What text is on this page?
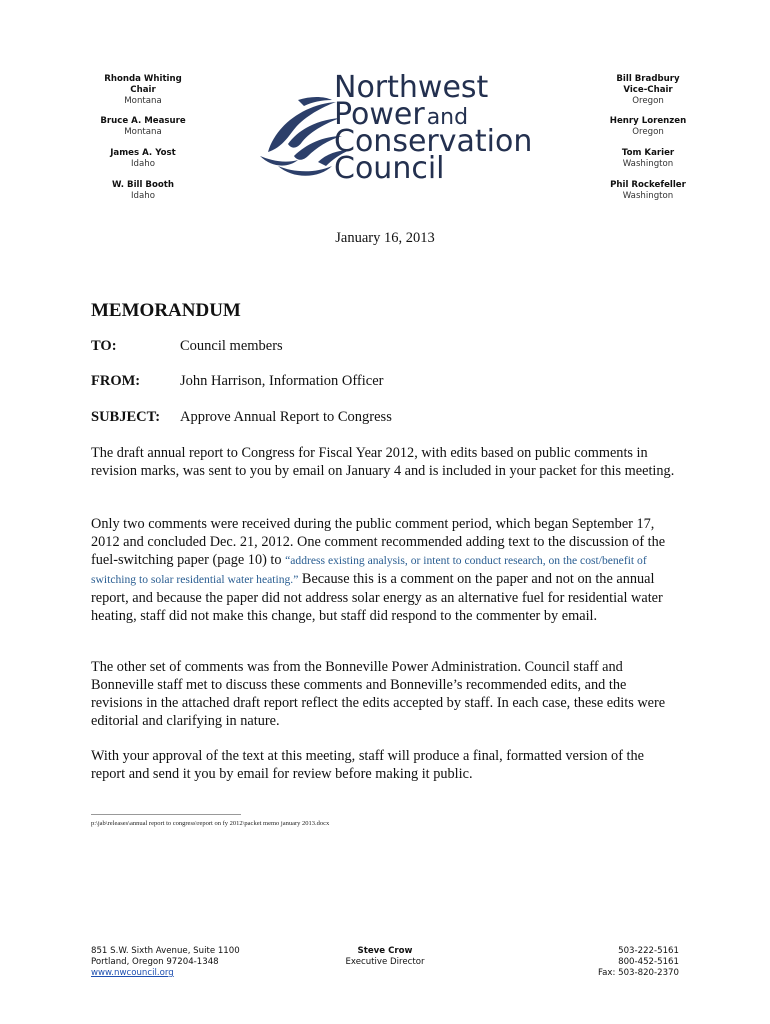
Rhonda Whiting
Chair
Montana
Bruce A. Measure
Montana
James A. Yost
Idaho
W. Bill Booth
Idaho
Bill Bradbury
Vice-Chair
Oregon
Henry Lorenzen
Oregon
Tom Karier
Washington
Phil Rockefeller
Washington
Northwest
Powerand
Conservation
Council
January 16, 2013
MEMORANDUM
TO:	Council members
FROM:	John Harrison, Information Officer
SUBJECT: Approve Annual Report to Congress
The draft annual report to Congress for Fiscal Year 2012, with edits based on public comments in revision marks, was sent to you by email on January 4 and is included in your packet for this meeting.
Only two comments were received during the public comment period, which began September 17, 2012 and concluded Dec. 21, 2012. One comment recommended adding text to the discussion of the fuel-switching paper (page 10) to “address existing analysis, or intent to conduct research, on the cost/benefit of switching to solar residential water heating.” Because this is a comment on the paper and not on the annual report, and because the paper did not address solar energy as an alternative fuel for residential water heating, staff did not make this change, but staff did respond to the commenter by email.
The other set of comments was from the Bonneville Power Administration. Council staff and Bonneville staff met to discuss these comments and Bonneville’s recommended edits, and the revisions in the attached draft report reflect the edits accepted by staff. In each case, these edits were editorial and clarifying in nature.
With your approval of the text at this meeting, staff will produce a final, formatted version of the report and send it you by email for review before making it public.
p:\jab\releases\annual report to congress\report on fy 2012\packet memo january 2013.docx
851 S.W. Sixth Avenue, Suite 1100
Portland, Oregon 97204-1348
www.nwcouncil.org
Steve Crow
Executive Director
503-222-5161
800-452-5161
Fax: 503-820-2370
